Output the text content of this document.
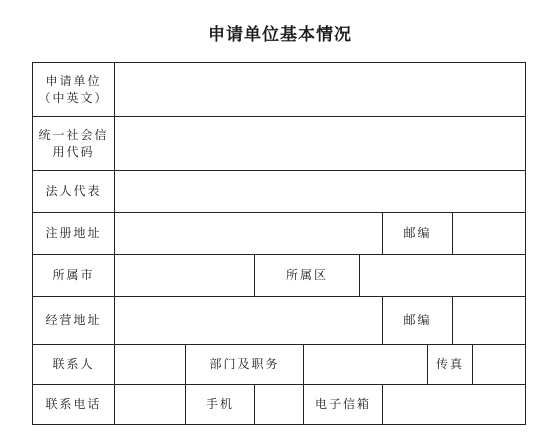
申请单位基本情况
申请单位
（中英文）									

统一社会信
用代码									

法人代表									
注册地址						邮编			
所属市			所属区						
经营地址						邮编			
联系人		部门及职务					传真		
联系电话		手机		电子信箱					
